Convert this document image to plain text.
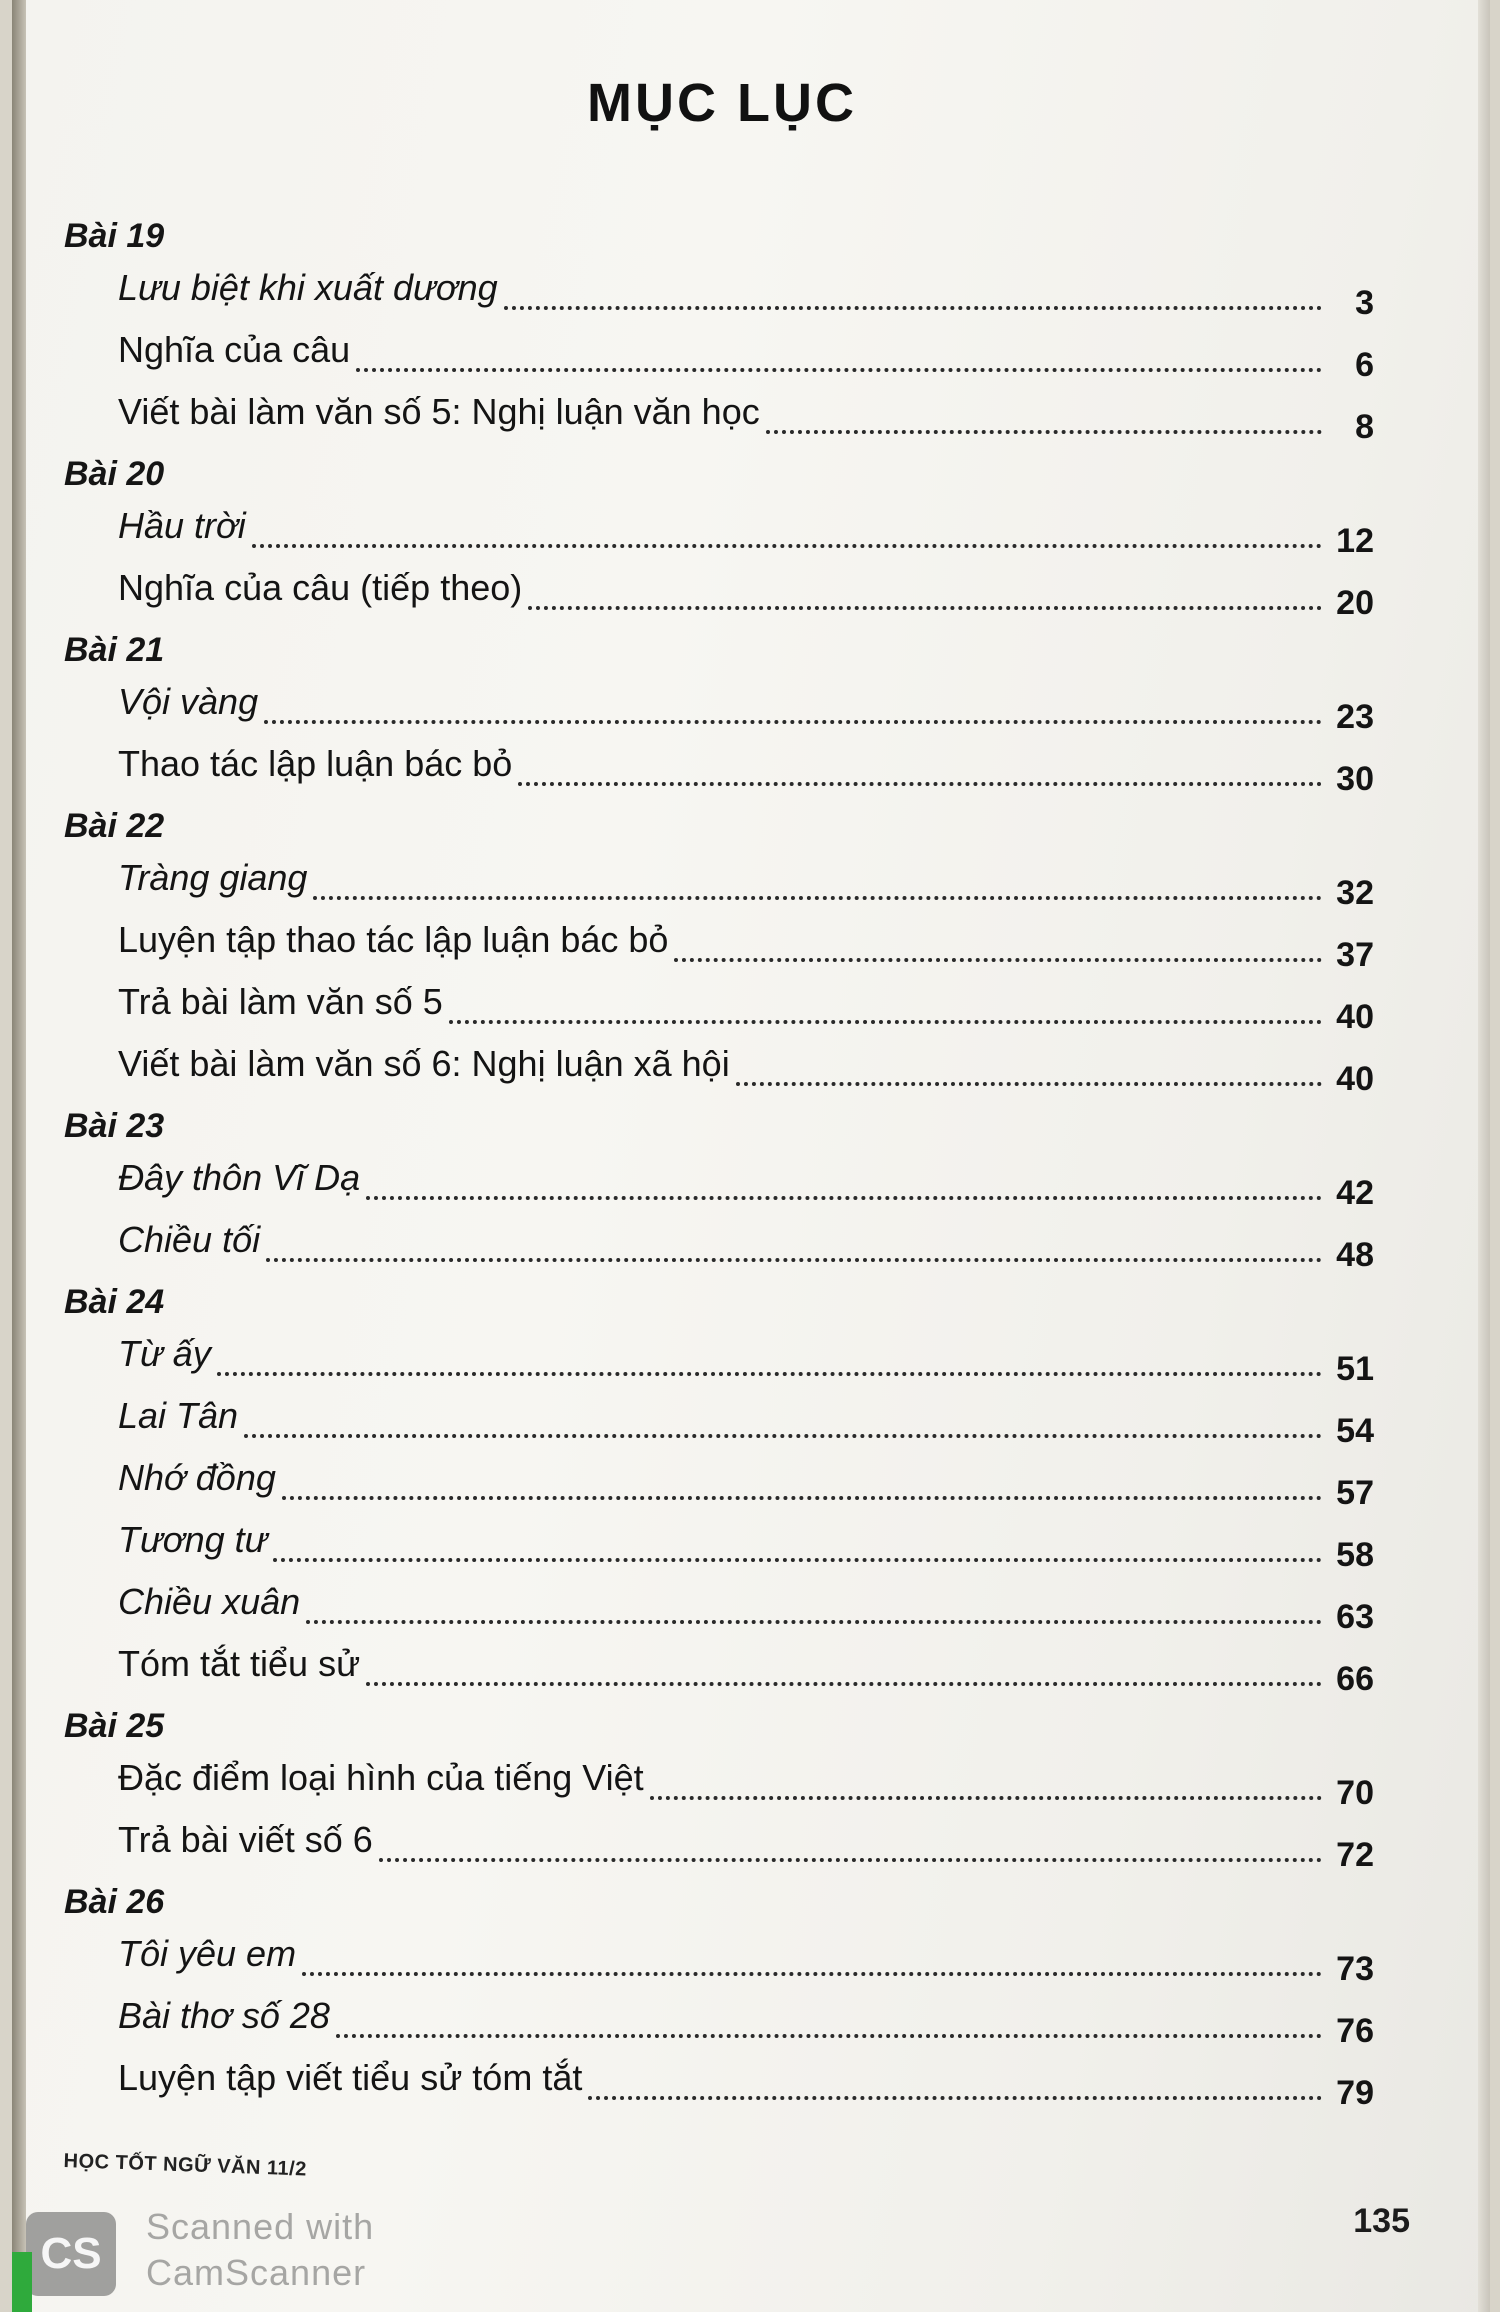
MỤC LỤC
Bài 19
Lưu biệt khi xuất dương	3
Nghĩa của câu	6
Viết bài làm văn số 5: Nghị luận văn học	8
Bài 20
Hầu trời	12
Nghĩa của câu (tiếp theo)	20
Bài 21
Vội vàng	23
Thao tác lập luận bác bỏ	30
Bài 22
Tràng giang	32
Luyện tập thao tác lập luận bác bỏ	37
Trả bài làm văn số 5	40
Viết bài làm văn số 6: Nghị luận xã hội	40
Bài 23
Đây thôn Vĩ Dạ	42
Chiều tối	48
Bài 24
Từ ấy	51
Lai Tân	54
Nhớ đồng	57
Tương tư	58
Chiều xuân	63
Tóm tắt tiểu sử	66
Bài 25
Đặc điểm loại hình của tiếng Việt	70
Trả bài viết số 6	72
Bài 26
Tôi yêu em	73
Bài thơ số 28	76
Luyện tập viết tiểu sử tóm tắt	79
HỌC TỐT NGỮ VĂN 11/2
135
CS
Scanned with
CamScanner
